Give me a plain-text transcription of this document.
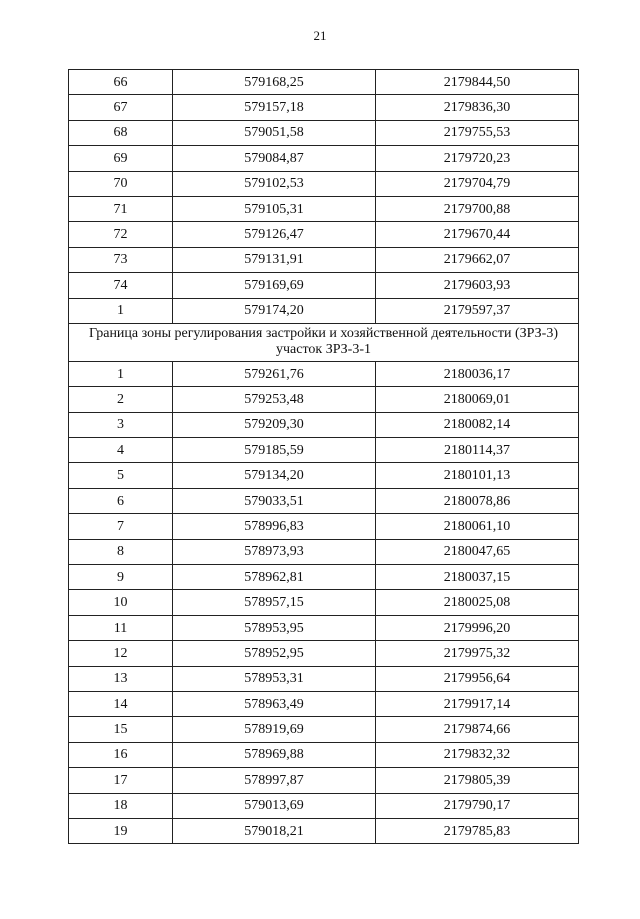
21
66	579168,25	2179844,50
67	579157,18	2179836,30
68	579051,58	2179755,53
69	579084,87	2179720,23
70	579102,53	2179704,79
71	579105,31	2179700,88
72	579126,47	2179670,44
73	579131,91	2179662,07
74	579169,69	2179603,93
1	579174,20	2179597,37
Граница зоны регулирования застройки и хозяйственной деятельности (ЗРЗ-3)
участок ЗРЗ-3-1		
1	579261,76	2180036,17
2	579253,48	2180069,01
3	579209,30	2180082,14
4	579185,59	2180114,37
5	579134,20	2180101,13
6	579033,51	2180078,86
7	578996,83	2180061,10
8	578973,93	2180047,65
9	578962,81	2180037,15
10	578957,15	2180025,08
11	578953,95	2179996,20
12	578952,95	2179975,32
13	578953,31	2179956,64
14	578963,49	2179917,14
15	578919,69	2179874,66
16	578969,88	2179832,32
17	578997,87	2179805,39
18	579013,69	2179790,17
19	579018,21	2179785,83
